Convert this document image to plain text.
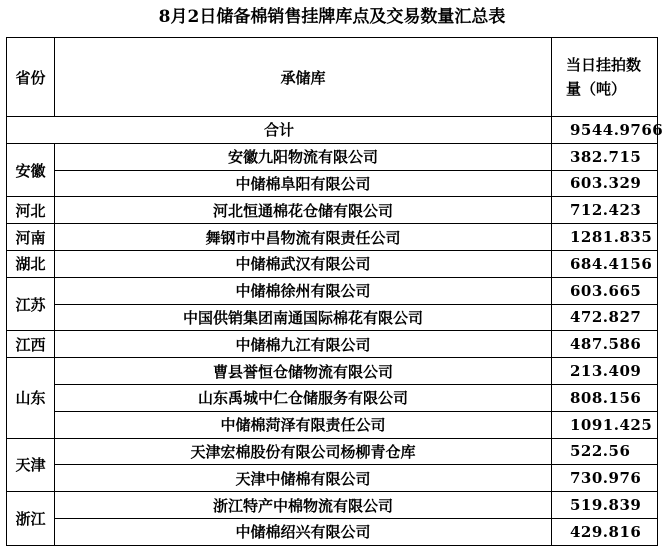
8月2日储备棉销售挂牌库点及交易数量汇总表
省份	承储库	当日挂拍数量（吨）
合计		9544.9766
安徽	安徽九阳物流有限公司	382.715
	中储棉阜阳有限公司	603.329
河北	河北恒通棉花仓储有限公司	712.423
河南	舞钢市中昌物流有限责任公司	1281.835
湖北	中储棉武汉有限公司	684.4156
江苏	中储棉徐州有限公司	603.665
	中国供销集团南通国际棉花有限公司	472.827
江西	中储棉九江有限公司	487.586
山东	曹县誉恒仓储物流有限公司	213.409
	山东禹城中仁仓储服务有限公司	808.156
	中储棉菏泽有限责任公司	1091.425
天津	天津宏棉股份有限公司杨柳青仓库	522.56
	天津中储棉有限公司	730.976
浙江	浙江特产中棉物流有限公司	519.839
	中储棉绍兴有限公司	429.816
